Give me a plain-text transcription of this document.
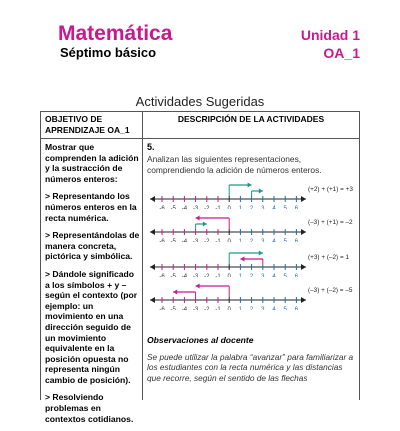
Matemática
Séptimo básico
Unidad 1
OA_1
Actividades Sugeridas
OBJETIVO DE APRENDIZAJE OA_1
DESCRIPCIÓN DE LA ACTIVIDADES

Mostrar que comprenden la adición y la sustracción de números enteros:

> Representando los números enteros en la recta numérica.

> Representándolas de manera concreta, pictórica y simbólica.

> Dándole significado a los símbolos + y – según el contexto (por ejemplo: un movimiento en una dirección seguido de un movimiento equivalente en la posición opuesta no representa ningún cambio de posición).

> Resolviendo problemas en contextos cotidianos.

5.
Analizan las siguientes representaciones, comprendiendo la adición de números enteros.
Observaciones al docente
Se puede utilizar la palabra “avanzar” para familiarizar a los estudiantes con la recta numérica y las distancias que recorre, según el sentido de las flechas
-6 -5 -4 -3 -2 -1 0 1 2 3 4 5 6
(+2) + (+1) = +3
-6 -5 -4 -3 -2 -1 0 1 2 3 4 5 6
(–3) + (+1) = –2
-6 -5 -4 -3 -2 -1 0 1 2 3 4 5 6
(+3) + (–2) = 1
-6 -5 -4 -3 -2 -1 0 1 2 3 4 5 6
(–3) + (–2) = –5
